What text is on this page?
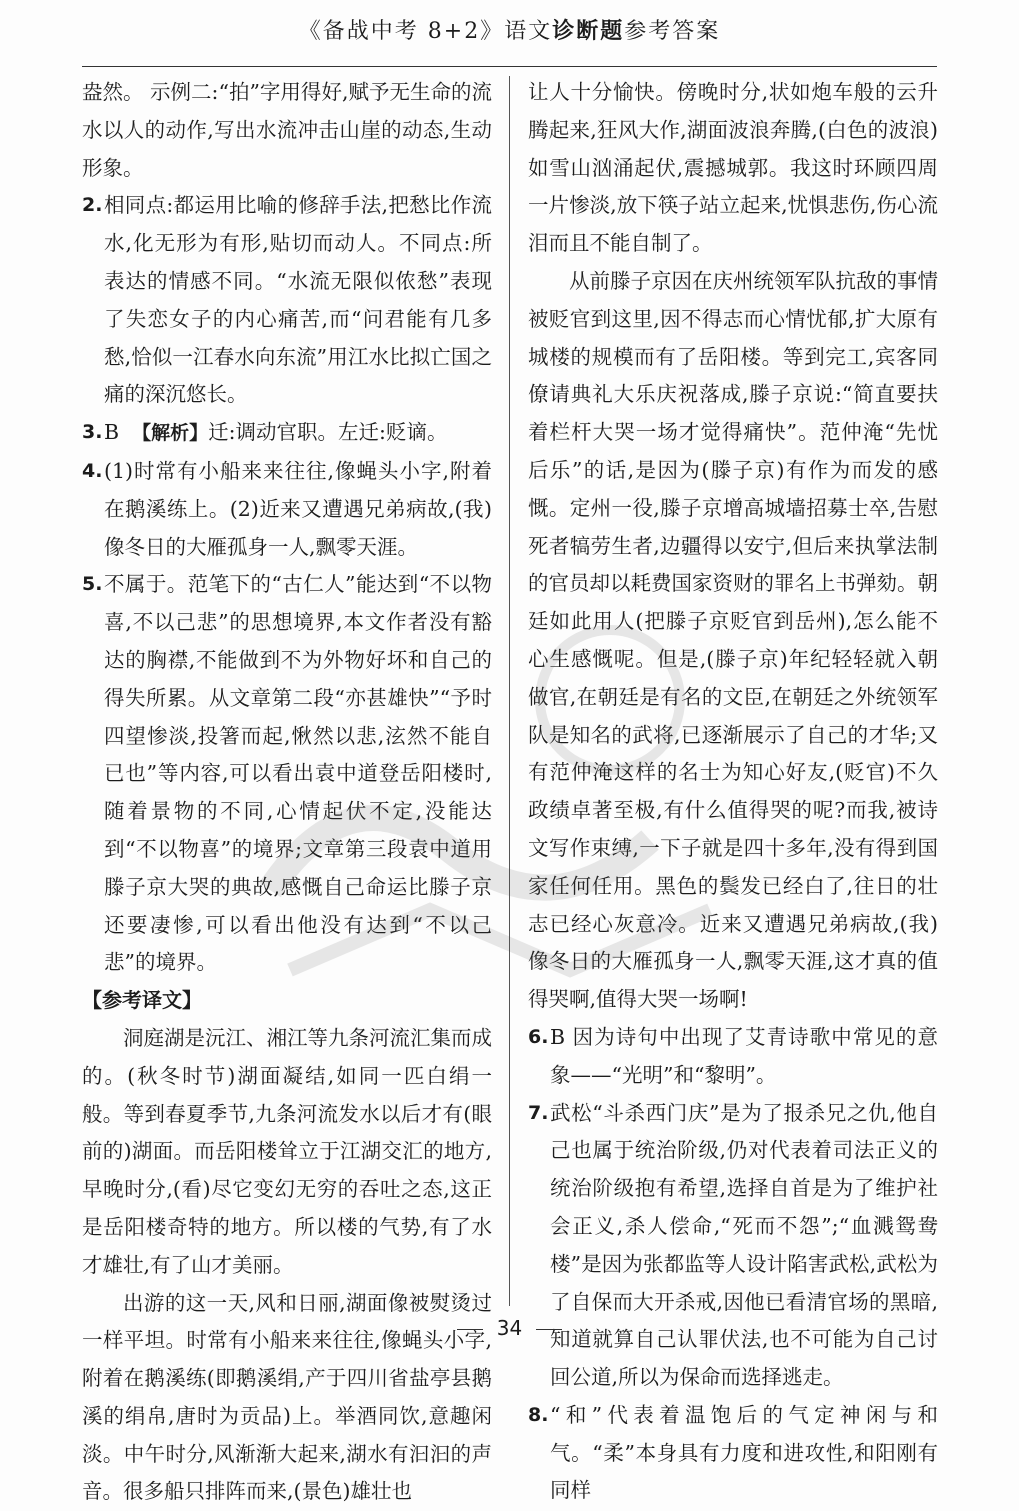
《备战中考 8+2》语文诊断题参考答案

盎然。 示例二:“拍”字用得好,赋予无生命的流水以人的动作,写出水流冲击山崖的动态,生动形象。

2. 相同点:都运用比喻的修辞手法,把愁比作流水,化无形为有形,贴切而动人。不同点:所表达的情感不同。“水流无限似侬愁”表现了失恋女子的内心痛苦,而“问君能有几多愁,恰似一江春水向东流”用江水比拟亡国之痛的深沉悠长。
3. B 【解析】迁:调动官职。左迁:贬谪。
4. (1)时常有小船来来往往,像蝇头小字,附着在鹅溪练上。(2)近来又遭遇兄弟病故,(我)像冬日的大雁孤身一人,飘零天涯。
5. 不属于。范笔下的“古仁人”能达到“不以物喜,不以己悲”的思想境界,本文作者没有豁达的胸襟,不能做到不为外物好坏和自己的得失所累。从文章第二段“亦甚雄快”“予时四望惨淡,投箸而起,愀然以悲,泫然不能自已也”等内容,可以看出袁中道登岳阳楼时,随着景物的不同,心情起伏不定,没能达到“不以物喜”的境界;文章第三段袁中道用滕子京大哭的典故,感慨自己命运比滕子京还要凄惨,可以看出他没有达到“不以己悲”的境界。

【参考译文】

洞庭湖是沅江、湘江等九条河流汇集而成的。(秋冬时节)湖面凝结,如同一匹白绢一般。等到春夏季节,九条河流发水以后才有(眼前的)湖面。而岳阳楼耸立于江湖交汇的地方,早晚时分,(看)尽它变幻无穷的吞吐之态,这正是岳阳楼奇特的地方。所以楼的气势,有了水才雄壮,有了山才美丽。

出游的这一天,风和日丽,湖面像被熨烫过一样平坦。时常有小船来来往往,像蝇头小字,附着在鹅溪练(即鹅溪绢,产于四川省盐亭县鹅溪的绢帛,唐时为贡品)上。举酒同饮,意趣闲淡。中午时分,风渐渐大起来,湖水有汩汩的声音。很多船只排阵而来,(景色)雄壮也

让人十分愉快。傍晚时分,状如炮车般的云升腾起来,狂风大作,湖面波浪奔腾,(白色的波浪)如雪山汹涌起伏,震撼城郭。我这时环顾四周一片惨淡,放下筷子站立起来,忧惧悲伤,伤心流泪而且不能自制了。

从前滕子京因在庆州统领军队抗敌的事情被贬官到这里,因不得志而心情忧郁,扩大原有城楼的规模而有了岳阳楼。等到完工,宾客同僚请典礼大乐庆祝落成,滕子京说:“简直要扶着栏杆大哭一场才觉得痛快”。范仲淹“先忧后乐”的话,是因为(滕子京)有作为而发的感慨。定州一役,滕子京增高城墙招募士卒,告慰死者犒劳生者,边疆得以安宁,但后来执掌法制的官员却以耗费国家资财的罪名上书弹劾。朝廷如此用人(把滕子京贬官到岳州),怎么能不心生感慨呢。但是,(滕子京)年纪轻轻就入朝做官,在朝廷是有名的文臣,在朝廷之外统领军队是知名的武将,已逐渐展示了自己的才华;又有范仲淹这样的名士为知心好友,(贬官)不久政绩卓著至极,有什么值得哭的呢?而我,被诗文写作束缚,一下子就是四十多年,没有得到国家任何任用。黑色的鬓发已经白了,往日的壮志已经心灰意冷。近来又遭遇兄弟病故,(我)像冬日的大雁孤身一人,飘零天涯,这才真的值得哭啊,值得大哭一场啊!

6. B 因为诗句中出现了艾青诗歌中常见的意象——“光明”和“黎明”。
7. 武松“斗杀西门庆”是为了报杀兄之仇,他自己也属于统治阶级,仍对代表着司法正义的统治阶级抱有希望,选择自首是为了维护社会正义,杀人偿命,“死而不怨”;“血溅鸳鸯楼”是因为张都监等人设计陷害武松,武松为了自保而大开杀戒,因他已看清官场的黑暗,知道就算自己认罪伏法,也不可能为自己讨回公道,所以为保命而选择逃走。
8. “和”代表着温饱后的气定神闲与和气。“柔”本身具有力度和进攻性,和阳刚有同样
34
